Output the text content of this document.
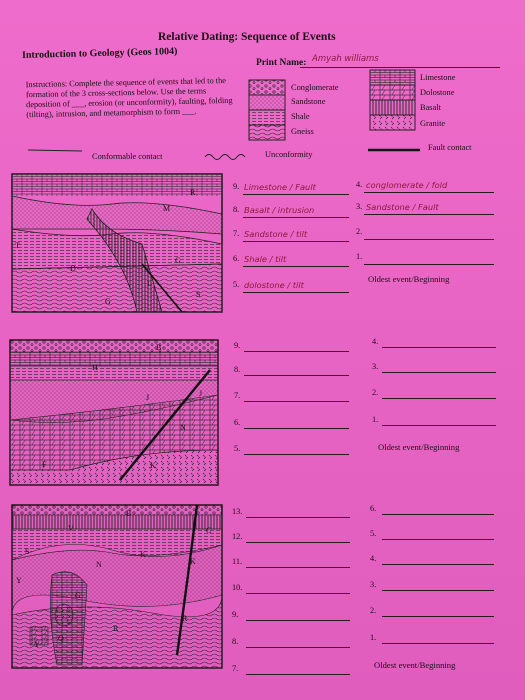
Relative Dating: Sequence of Events
Introduction to Geology (Geos 1004)
Print Name: Amyah williams
Instructions: Complete the sequence of events that led to the formation of the 3 cross-sections below. Use the terms deposition of ___, erosion (or unconformity), faulting, folding (tilting), intrusion, and metamorphism to form ___.
Conglomerate
Sandstone
Shale
Gneiss
Limestone
Dolostone
Basalt
Granite
Conformable contact	Unconformity
Fault contact
R
M
T
G
D
L
G
S
9. Limestone / Fault
8. Basalt / intrusion
7. Sandstone / tilt
6. Shale / tilt
5. dolostone / tilt
4. conglomerate / fold
3. Sandstone / Fault
2.
1.
Oldest event/Beginning
B
H
J	J
N
F	K
9.
8.
7.
6.
5.
4.
3.
2.
1.
Oldest event/Beginning
B
V	C
S
N
K
K
Y
R
R
Q
Y
G
13.
12.
11.
10.
9.
8.
7.
6.
5.
4.
3.
2.
1.
Oldest event/Beginning
